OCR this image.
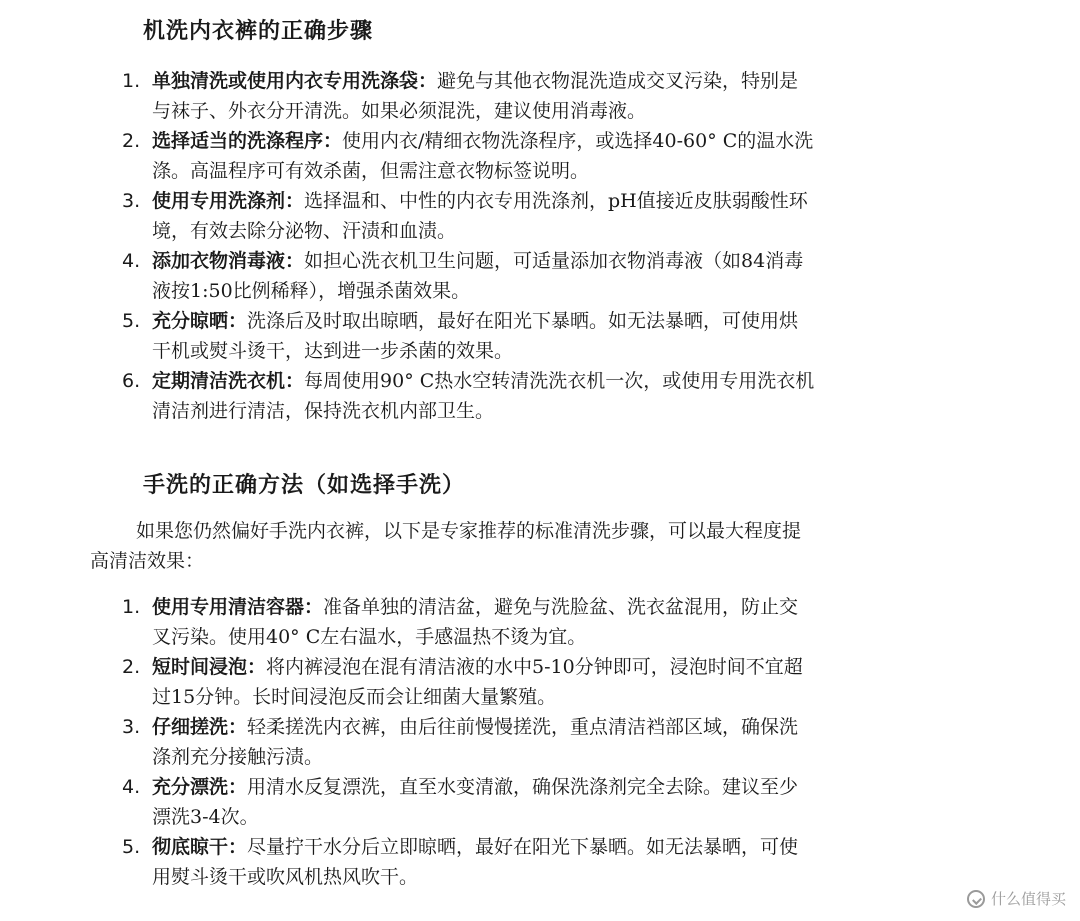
机洗内衣裤的正确步骤
1. 单独清洗或使用内衣专用洗涤袋：避免与其他衣物混洗造成交叉污染，特别是
与袜子、外衣分开清洗。如果必须混洗，建议使用消毒液。
2. 选择适当的洗涤程序：使用内衣/精细衣物洗涤程序，或选择40-60° C的温水洗
涤。高温程序可有效杀菌，但需注意衣物标签说明。
3. 使用专用洗涤剂：选择温和、中性的内衣专用洗涤剂，pH值接近皮肤弱酸性环
境，有效去除分泌物、汗渍和血渍。
4. 添加衣物消毒液：如担心洗衣机卫生问题，可适量添加衣物消毒液（如84消毒
液按1:50比例稀释），增强杀菌效果。
5. 充分晾晒：洗涤后及时取出晾晒，最好在阳光下暴晒。如无法暴晒，可使用烘
干机或熨斗烫干，达到进一步杀菌的效果。
6. 定期清洁洗衣机：每周使用90° C热水空转清洗洗衣机一次，或使用专用洗衣机
清洁剂进行清洁，保持洗衣机内部卫生。
手洗的正确方法（如选择手洗）

如果您仍然偏好手洗内衣裤，以下是专家推荐的标准清洗步骤，可以最大程度提
高清洁效果：

1. 使用专用清洁容器：准备单独的清洁盆，避免与洗脸盆、洗衣盆混用，防止交
叉污染。使用40° C左右温水，手感温热不烫为宜。
2. 短时间浸泡：将内裤浸泡在混有清洁液的水中5-10分钟即可，浸泡时间不宜超
过15分钟。长时间浸泡反而会让细菌大量繁殖。
3. 仔细搓洗：轻柔搓洗内衣裤，由后往前慢慢搓洗，重点清洁裆部区域，确保洗
涤剂充分接触污渍。
4. 充分漂洗：用清水反复漂洗，直至水变清澈，确保洗涤剂完全去除。建议至少
漂洗3-4次。
5. 彻底晾干：尽量拧干水分后立即晾晒，最好在阳光下暴晒。如无法暴晒，可使
用熨斗烫干或吹风机热风吹干。
什么值得买
